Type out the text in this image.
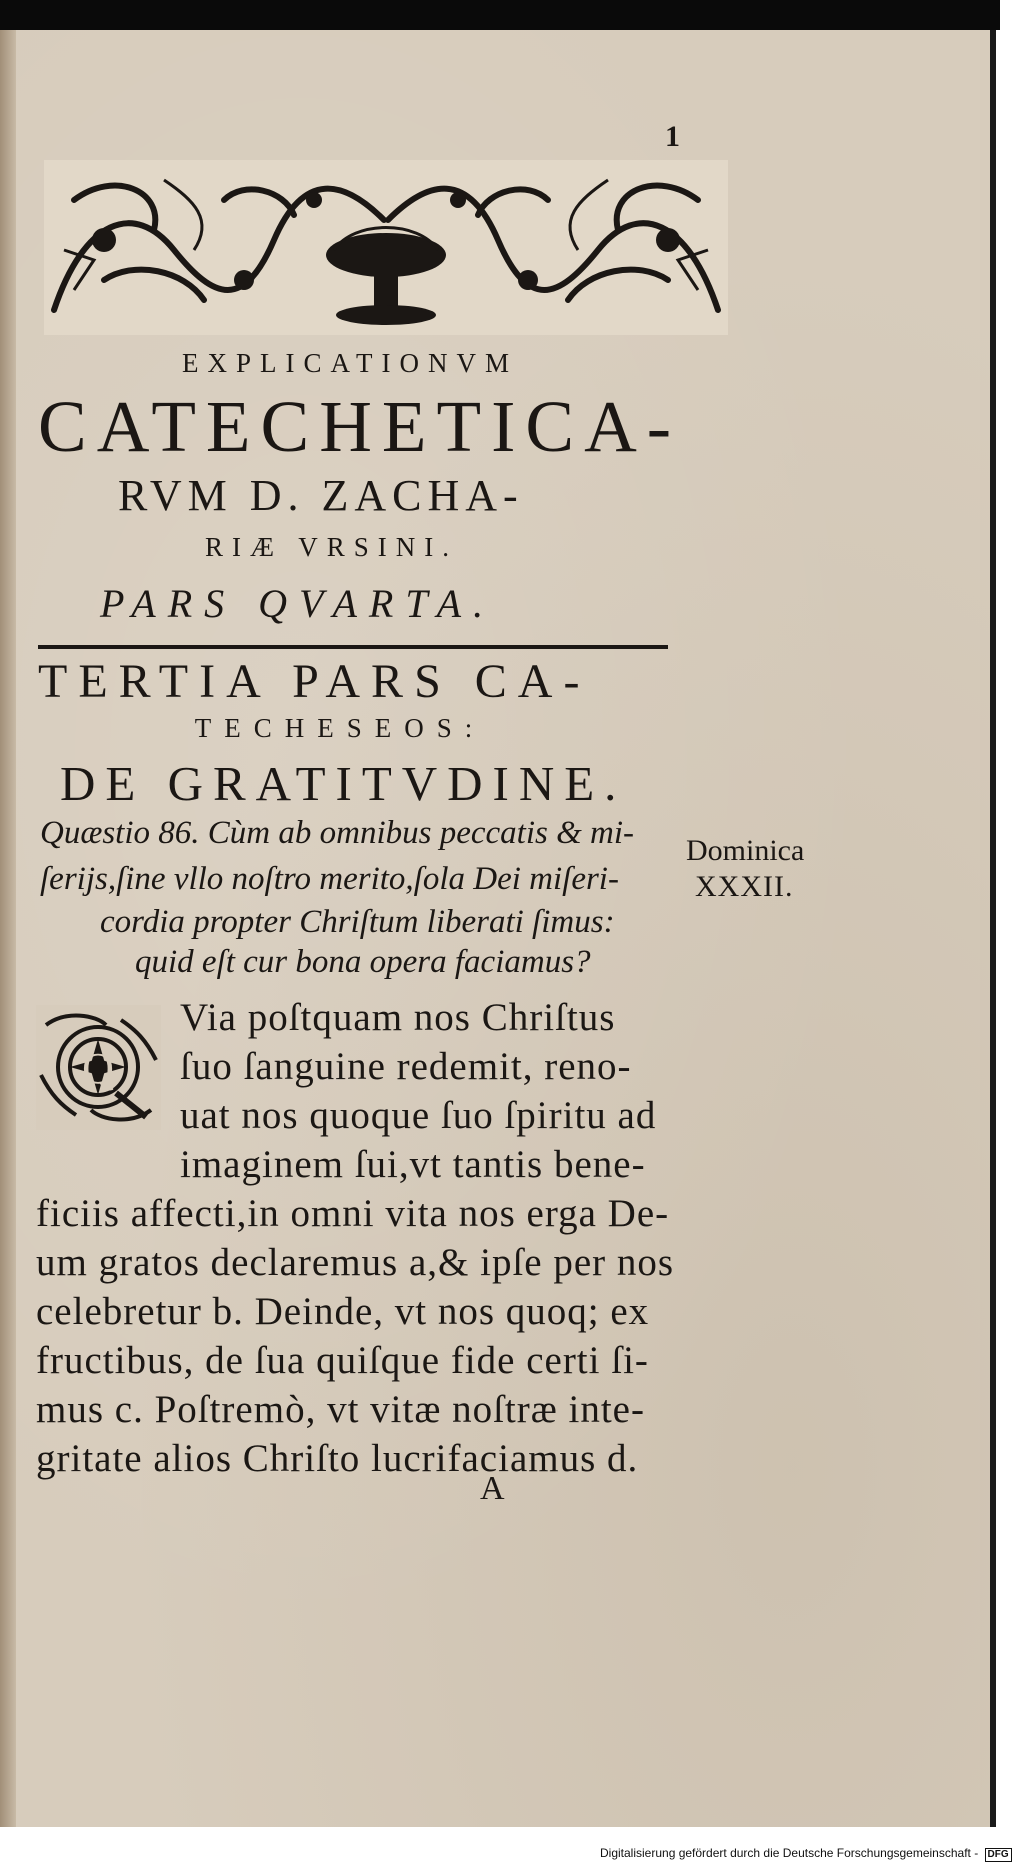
1
EXPLICATIONVM
CATECHETICA-
RVM D. ZACHA-
RIÆ VRSINI.
PARS QVARTA.
TERTIA PARS CA-
TECHESEOS:
DE GRATITVDINE.
Quæstio 86. Cùm ab omnibus peccatis & mi-
ſerijs,ſine vllo noſtro merito,ſola Dei miſeri-
cordia propter Chriſtum liberati ſimus:
quid eſt cur bona opera faciamus?
Dominica
XXXII.
Q
Via poſtquam nos Chriſtus
ſuo ſanguine redemit, reno-
uat nos quoque ſuo ſpiritu ad
imaginem ſui,vt tantis bene-
ficiis affecti,in omni vita nos erga De-
um gratos declaremus a,& ipſe per nos
celebretur b. Deinde, vt nos quoq; ex
fructibus, de ſua quiſque fide certi ſi-
mus c. Poſtremò, vt vitæ noſtræ inte-
gritate alios Chriſto lucrifaciamus d.
A
Digitalisierung gefördert durch die Deutsche Forschungsgemeinschaft - DFG
